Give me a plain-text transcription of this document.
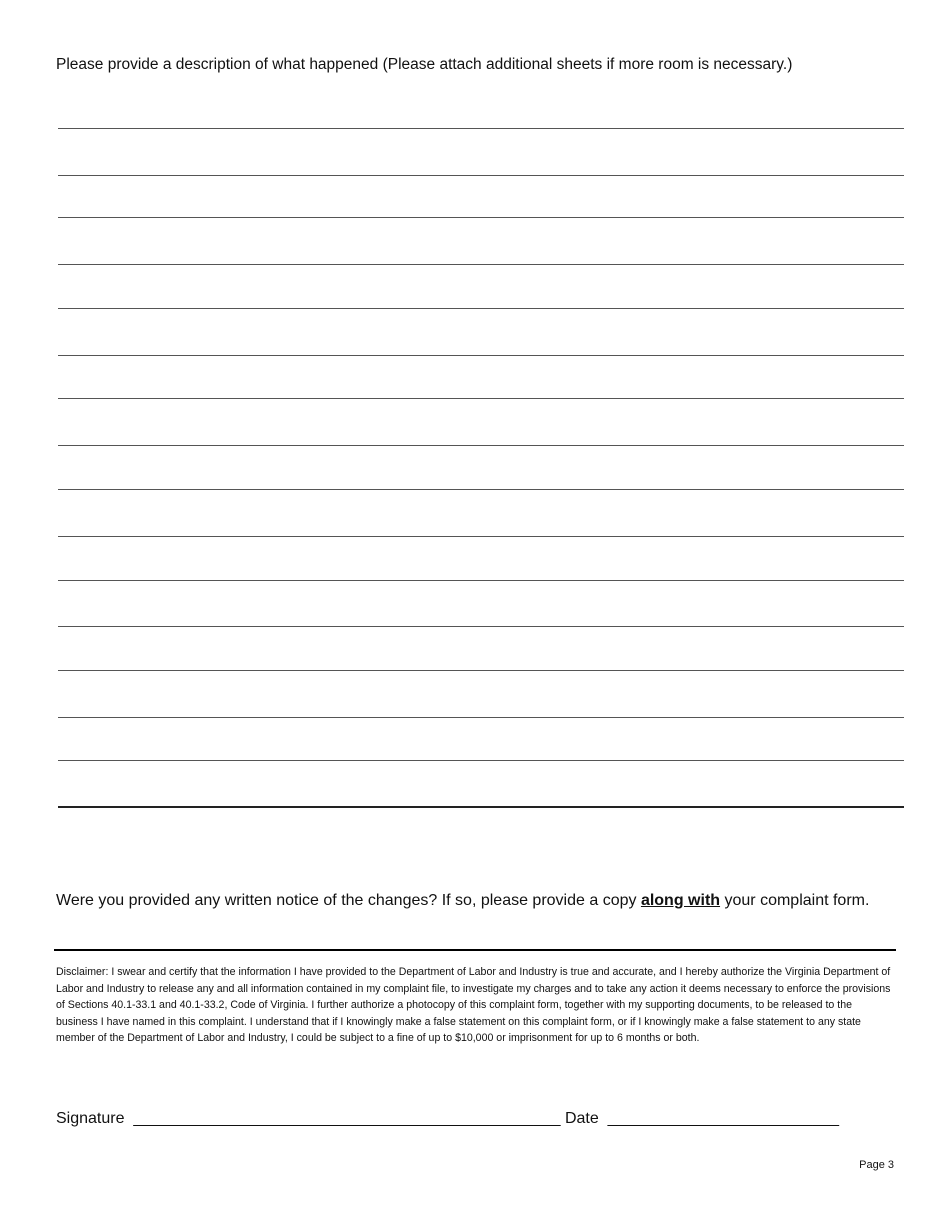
Please provide a description of what happened (Please attach additional sheets if more room is necessary.)
Were you provided any written notice of the changes? If so, please provide a copy along with your complaint form.
Disclaimer: I swear and certify that the information I have provided to the Department of Labor and Industry is true and accurate, and I hereby authorize the Virginia Department of Labor and Industry to release any and all information contained in my complaint file, to investigate my charges and to take any action it deems necessary to enforce the provisions of Sections 40.1-33.1 and 40.1-33.2, Code of Virginia. I further authorize a photocopy of this complaint form, together with my supporting documents, to be released to the business I have named in this complaint. I understand that if I knowingly make a false statement on this complaint form, or if I knowingly make a false statement to any state member of the Department of Labor and Industry, I could be subject to a fine of up to $10,000 or imprisonment for up to 6 months or both.
Signature ________________________________________________ Date __________________________
Page 3
